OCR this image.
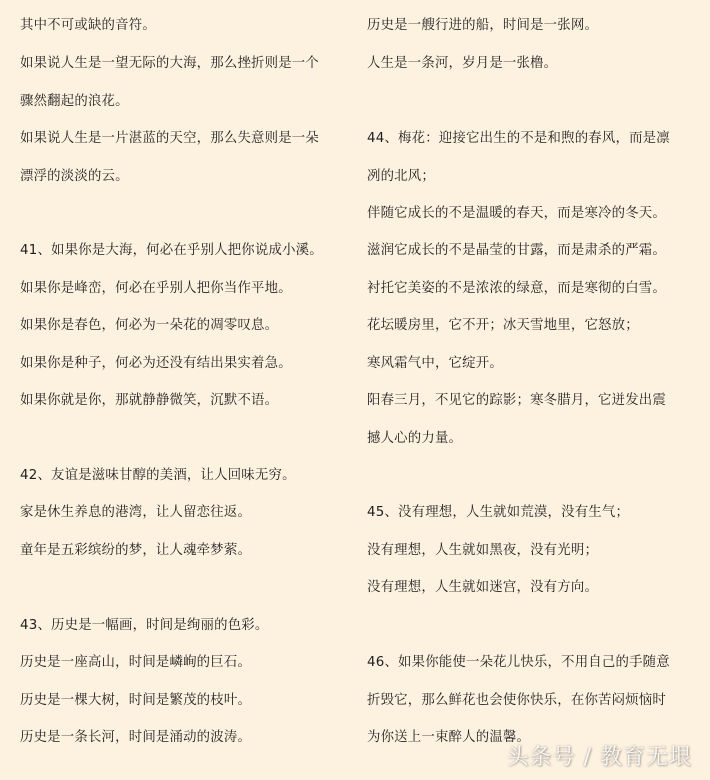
其中不可或缺的音符。
如果说人生是一望无际的大海，那么挫折则是一个
骤然翻起的浪花。
如果说人生是一片湛蓝的天空，那么失意则是一朵
漂浮的淡淡的云。
41、如果你是大海，何必在乎别人把你说成小溪。
如果你是峰峦，何必在乎别人把你当作平地。
如果你是春色，何必为一朵花的凋零叹息。
如果你是种子，何必为还没有结出果实着急。
如果你就是你，那就静静微笑，沉默不语。
42、友谊是滋味甘醇的美酒，让人回味无穷。
家是休生养息的港湾，让人留恋往返。
童年是五彩缤纷的梦，让人魂牵梦萦。
43、历史是一幅画，时间是绚丽的色彩。
历史是一座高山，时间是嶙峋的巨石。
历史是一棵大树，时间是繁茂的枝叶。
历史是一条长河，时间是涌动的波涛。
历史是一艘行进的船，时间是一张网。
人生是一条河，岁月是一张橹。
44、梅花：迎接它出生的不是和煦的春风，而是凛
冽的北风；
伴随它成长的不是温暖的春天，而是寒冷的冬天。
滋润它成长的不是晶莹的甘露，而是肃杀的严霜。
衬托它美姿的不是浓浓的绿意，而是寒彻的白雪。
花坛暖房里，它不开；冰天雪地里，它怒放；
寒风霜气中，它绽开。
阳春三月，不见它的踪影；寒冬腊月，它迸发出震
撼人心的力量。
45、没有理想，人生就如荒漠，没有生气；
没有理想，人生就如黑夜，没有光明；
没有理想，人生就如迷宫，没有方向。
46、如果你能使一朵花儿快乐，不用自己的手随意
折毁它，那么鲜花也会使你快乐，在你苦闷烦恼时
为你送上一束醉人的温馨。
头条号 / 教育无垠
